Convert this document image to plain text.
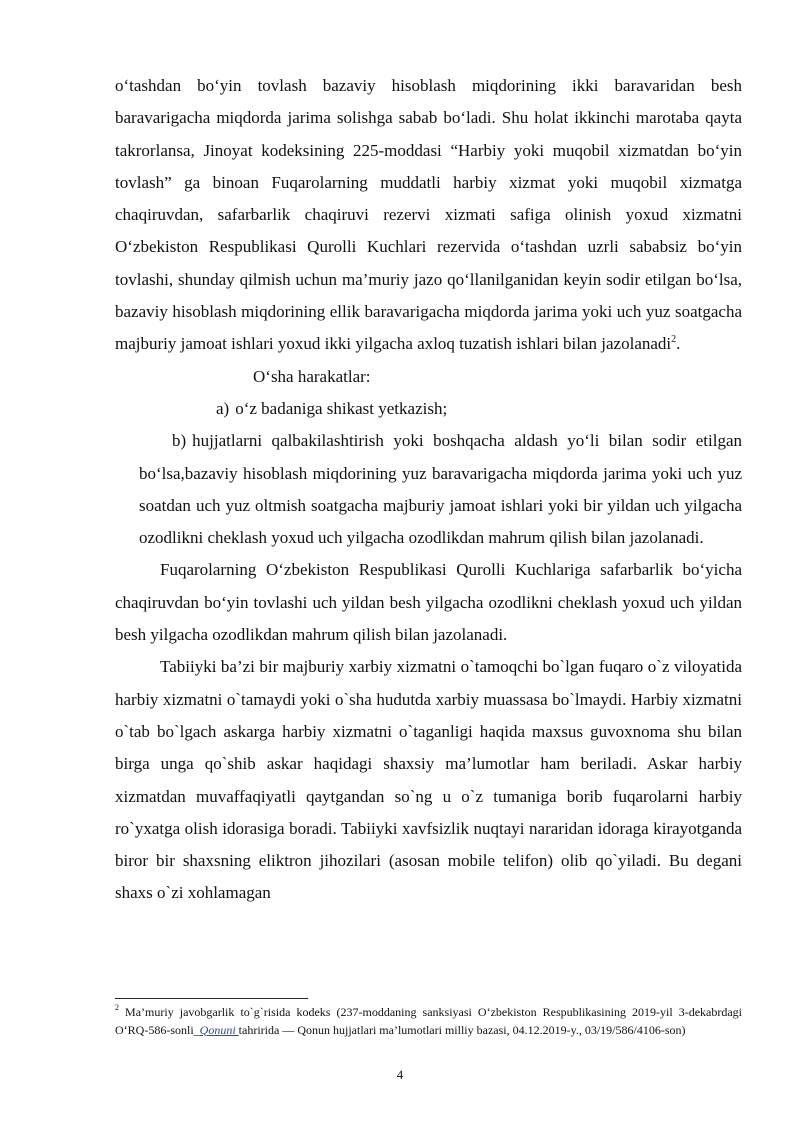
o‘tashdan bo‘yin tovlash bazaviy hisoblash miqdorining ikki baravaridan besh baravarigacha miqdorda jarima solishga sabab bo‘ladi. Shu holat ikkinchi marotaba qayta takrorlansa, Jinoyat kodeksining 225-moddasi “Harbiy yoki muqobil xizmatdan bo‘yin tovlash” ga binoan Fuqarolarning muddatli harbiy xizmat yoki muqobil xizmatga chaqiruvdan, safarbarlik chaqiruvi rezervi xizmati safiga olinish yoxud xizmatni O‘zbekiston Respublikasi Qurolli Kuchlari rezervida o‘tashdan uzrli sababsiz bo‘yin tovlashi, shunday qilmish uchun ma’muriy jazo qo‘llanilganidan keyin sodir etilgan bo‘lsa, bazaviy hisoblash miqdorining ellik baravarigacha miqdorda jarima yoki uch yuz soatgacha majburiy jamoat ishlari yoxud ikki yilgacha axloq tuzatish ishlari bilan jazolanadi$^2$.

O‘sha harakatlar:

a) o‘z badaniga shikast yetkazish;

b) hujjatlarni qalbakilashtirish yoki boshqacha aldash yo‘li bilan sodir etilgan bo‘lsa,bazaviy hisoblash miqdorining yuz baravarigacha miqdorda jarima yoki uch yuz soatdan uch yuz oltmish soatgacha majburiy jamoat ishlari yoki bir yildan uch yilgacha ozodlikni cheklash yoxud uch yilgacha ozodlikdan mahrum qilish bilan jazolanadi.

Fuqarolarning O‘zbekiston Respublikasi Qurolli Kuchlariga safarbarlik bo‘yicha chaqiruvdan bo‘yin tovlashi uch yildan besh yilgacha ozodlikni cheklash yoxud uch yildan besh yilgacha ozodlikdan mahrum qilish bilan jazolanadi.

Tabiiyki ba’zi bir majburiy xarbiy xizmatni o`tamoqchi bo`lgan fuqaro o`z viloyatida harbiy xizmatni o`tamaydi yoki o`sha hudutda xarbiy muassasa bo`lmaydi. Harbiy xizmatni o`tab bo`lgach askarga harbiy xizmatni o`taganligi haqida maxsus guvoxnoma shu bilan birga unga qo`shib askar haqidagi shaxsiy ma’lumotlar ham beriladi. Askar harbiy xizmatdan muvaffaqiyatli qaytgandan so`ng u o`z tumaniga borib fuqarolarni harbiy ro`yxatga olish idorasiga boradi. Tabiiyki xavfsizlik nuqtayi nararidan idoraga kirayotganda biror bir shaxsning eliktron jihozilari (asosan mobile telifon) olib qo`yiladi. Bu degani shaxs o`zi xohlamagan

$^2$ Ma’muriy javobgarlik to`g`risida kodeks (237-moddaning sanksiyasi O‘zbekiston Respublikasining 2019-yil 3-dekabrdagi O‘RQ-586-sonli_Qonuni tahririda — Qonun hujjatlari ma’lumotlari milliy bazasi, 04.12.2019-y., 03/19/586/4106-son)
4
